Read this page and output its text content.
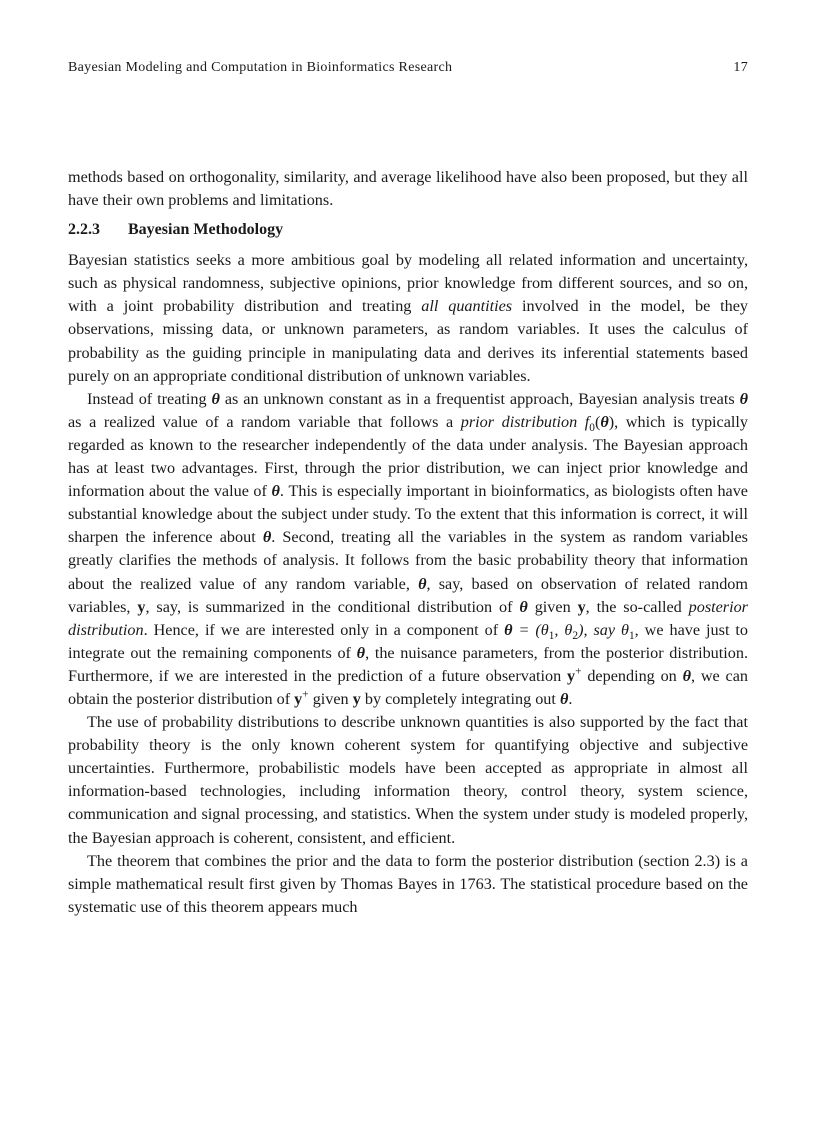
Bayesian Modeling and Computation in Bioinformatics Research	17

methods based on orthogonality, similarity, and average likelihood have also been proposed, but they all have their own problems and limitations.

2.2.3 Bayesian Methodology

Bayesian statistics seeks a more ambitious goal by modeling all related information and uncertainty, such as physical randomness, subjective opinions, prior knowledge from different sources, and so on, with a joint probability distribution and treating all quantities involved in the model, be they observations, missing data, or unknown parameters, as random variables. It uses the calculus of probability as the guiding principle in manipulating data and derives its inferential statements based purely on an appropriate conditional distribution of unknown variables.

Instead of treating θ as an unknown constant as in a frequentist approach, Bayesian analysis treats θ as a realized value of a random variable that follows a prior distribution $f_0(\theta)$, which is typically regarded as known to the researcher independently of the data under analysis. The Bayesian approach has at least two advantages. First, through the prior distribution, we can inject prior knowledge and information about the value of θ. This is especially important in bioinformatics, as biologists often have substantial knowledge about the subject under study. To the extent that this information is correct, it will sharpen the inference about θ. Second, treating all the variables in the system as random variables greatly clarifies the methods of analysis. It follows from the basic probability theory that information about the realized value of any random variable, θ, say, based on observation of related random variables, y, say, is summarized in the conditional distribution of θ given y, the so-called posterior distribution. Hence, if we are interested only in a component of $\theta = (\theta_1$, $\theta_2$), say $\theta_1$, we have just to integrate out the remaining components of θ, the nuisance parameters, from the posterior distribution. Furthermore, if we are interested in the prediction of a future observation y+ depending on θ, we can obtain the posterior distribution of y+ given y by completely integrating out θ.

The use of probability distributions to describe unknown quantities is also supported by the fact that probability theory is the only known coherent system for quantifying objective and subjective uncertainties. Furthermore, probabilistic models have been accepted as appropriate in almost all information-based technologies, including information theory, control theory, system science, communication and signal processing, and statistics. When the system under study is modeled properly, the Bayesian approach is coherent, consistent, and efficient.

The theorem that combines the prior and the data to form the posterior distribution (section 2.3) is a simple mathematical result first given by Thomas Bayes in 1763. The statistical procedure based on the systematic use of this theorem appears much
